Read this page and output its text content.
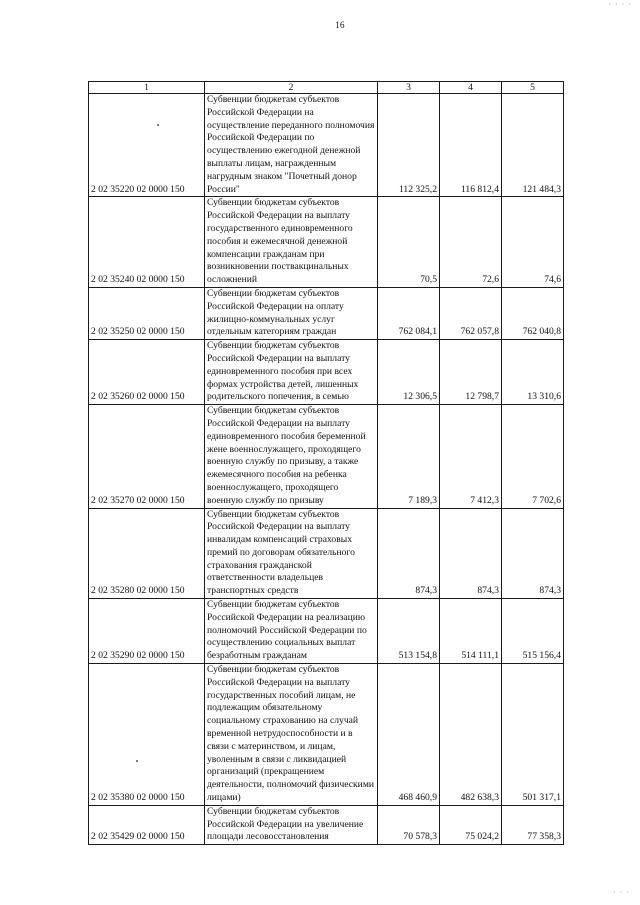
· · · ·
16
1	2	3	4	5
2 02 35220 02 0000 150	Субвенции бюджетам субъектов Российской Федерации на осуществление переданного полномочия Российской Федерации по осуществлению ежегодной денежной выплаты лицам, награжденным нагрудным знаком "Почетный донор России"	112 325,2	116 812,4	121 484,3
2 02 35240 02 0000 150	Субвенции бюджетам субъектов Российской Федерации на выплату государственного единовременного пособия и ежемесячной денежной компенсации гражданам при возникновении поствакцинальных осложнений	70,5	72,6	74,6
2 02 35250 02 0000 150	Субвенции бюджетам субъектов Российской Федерации на оплату жилищно-коммунальных услуг отдельным категориям граждан	762 084,1	762 057,8	762 040,8
2 02 35260 02 0000 150	Субвенции бюджетам субъектов Российской Федерации на выплату единовременного пособия при всех формах устройства детей, лишенных родительского попечения, в семью	12 306,5	12 798,7	13 310,6
2 02 35270 02 0000 150	Субвенции бюджетам субъектов Российской Федерации на выплату единовременного пособия беременной жене военнослужащего, проходящего военную службу по призыву, а также ежемесячного пособия на ребенка военнослужащего, проходящего военную службу по призыву	7 189,3	7 412,3	7 702,6
2 02 35280 02 0000 150	Субвенции бюджетам субъектов Российской Федерации на выплату инвалидам компенсаций страховых премий по договорам обязательного страхования гражданской ответственности владельцев транспортных средств	874,3	874,3	874,3
2 02 35290 02 0000 150	Субвенции бюджетам субъектов Российской Федерации на реализацию полномочий Российской Федерации по осуществлению социальных выплат безработным гражданам	513 154,8	514 111,1	515 156,4
2 02 35380 02 0000 150	Субвенции бюджетам субъектов Российской Федерации на выплату государственных пособий лицам, не подлежащим обязательному социальному страхованию на случай временной нетрудоспособности и в связи с материнством, и лицам, уволенным в связи с ликвидацией организаций (прекращением деятельности, полномочий физическими лицами)	468 460,9	482 638,3	501 317,1
2 02 35429 02 0000 150	Субвенции бюджетам субъектов Российской Федерации на увеличение площади лесовосстановления	70 578,3	75 024,2	77 358,3
· · ·
